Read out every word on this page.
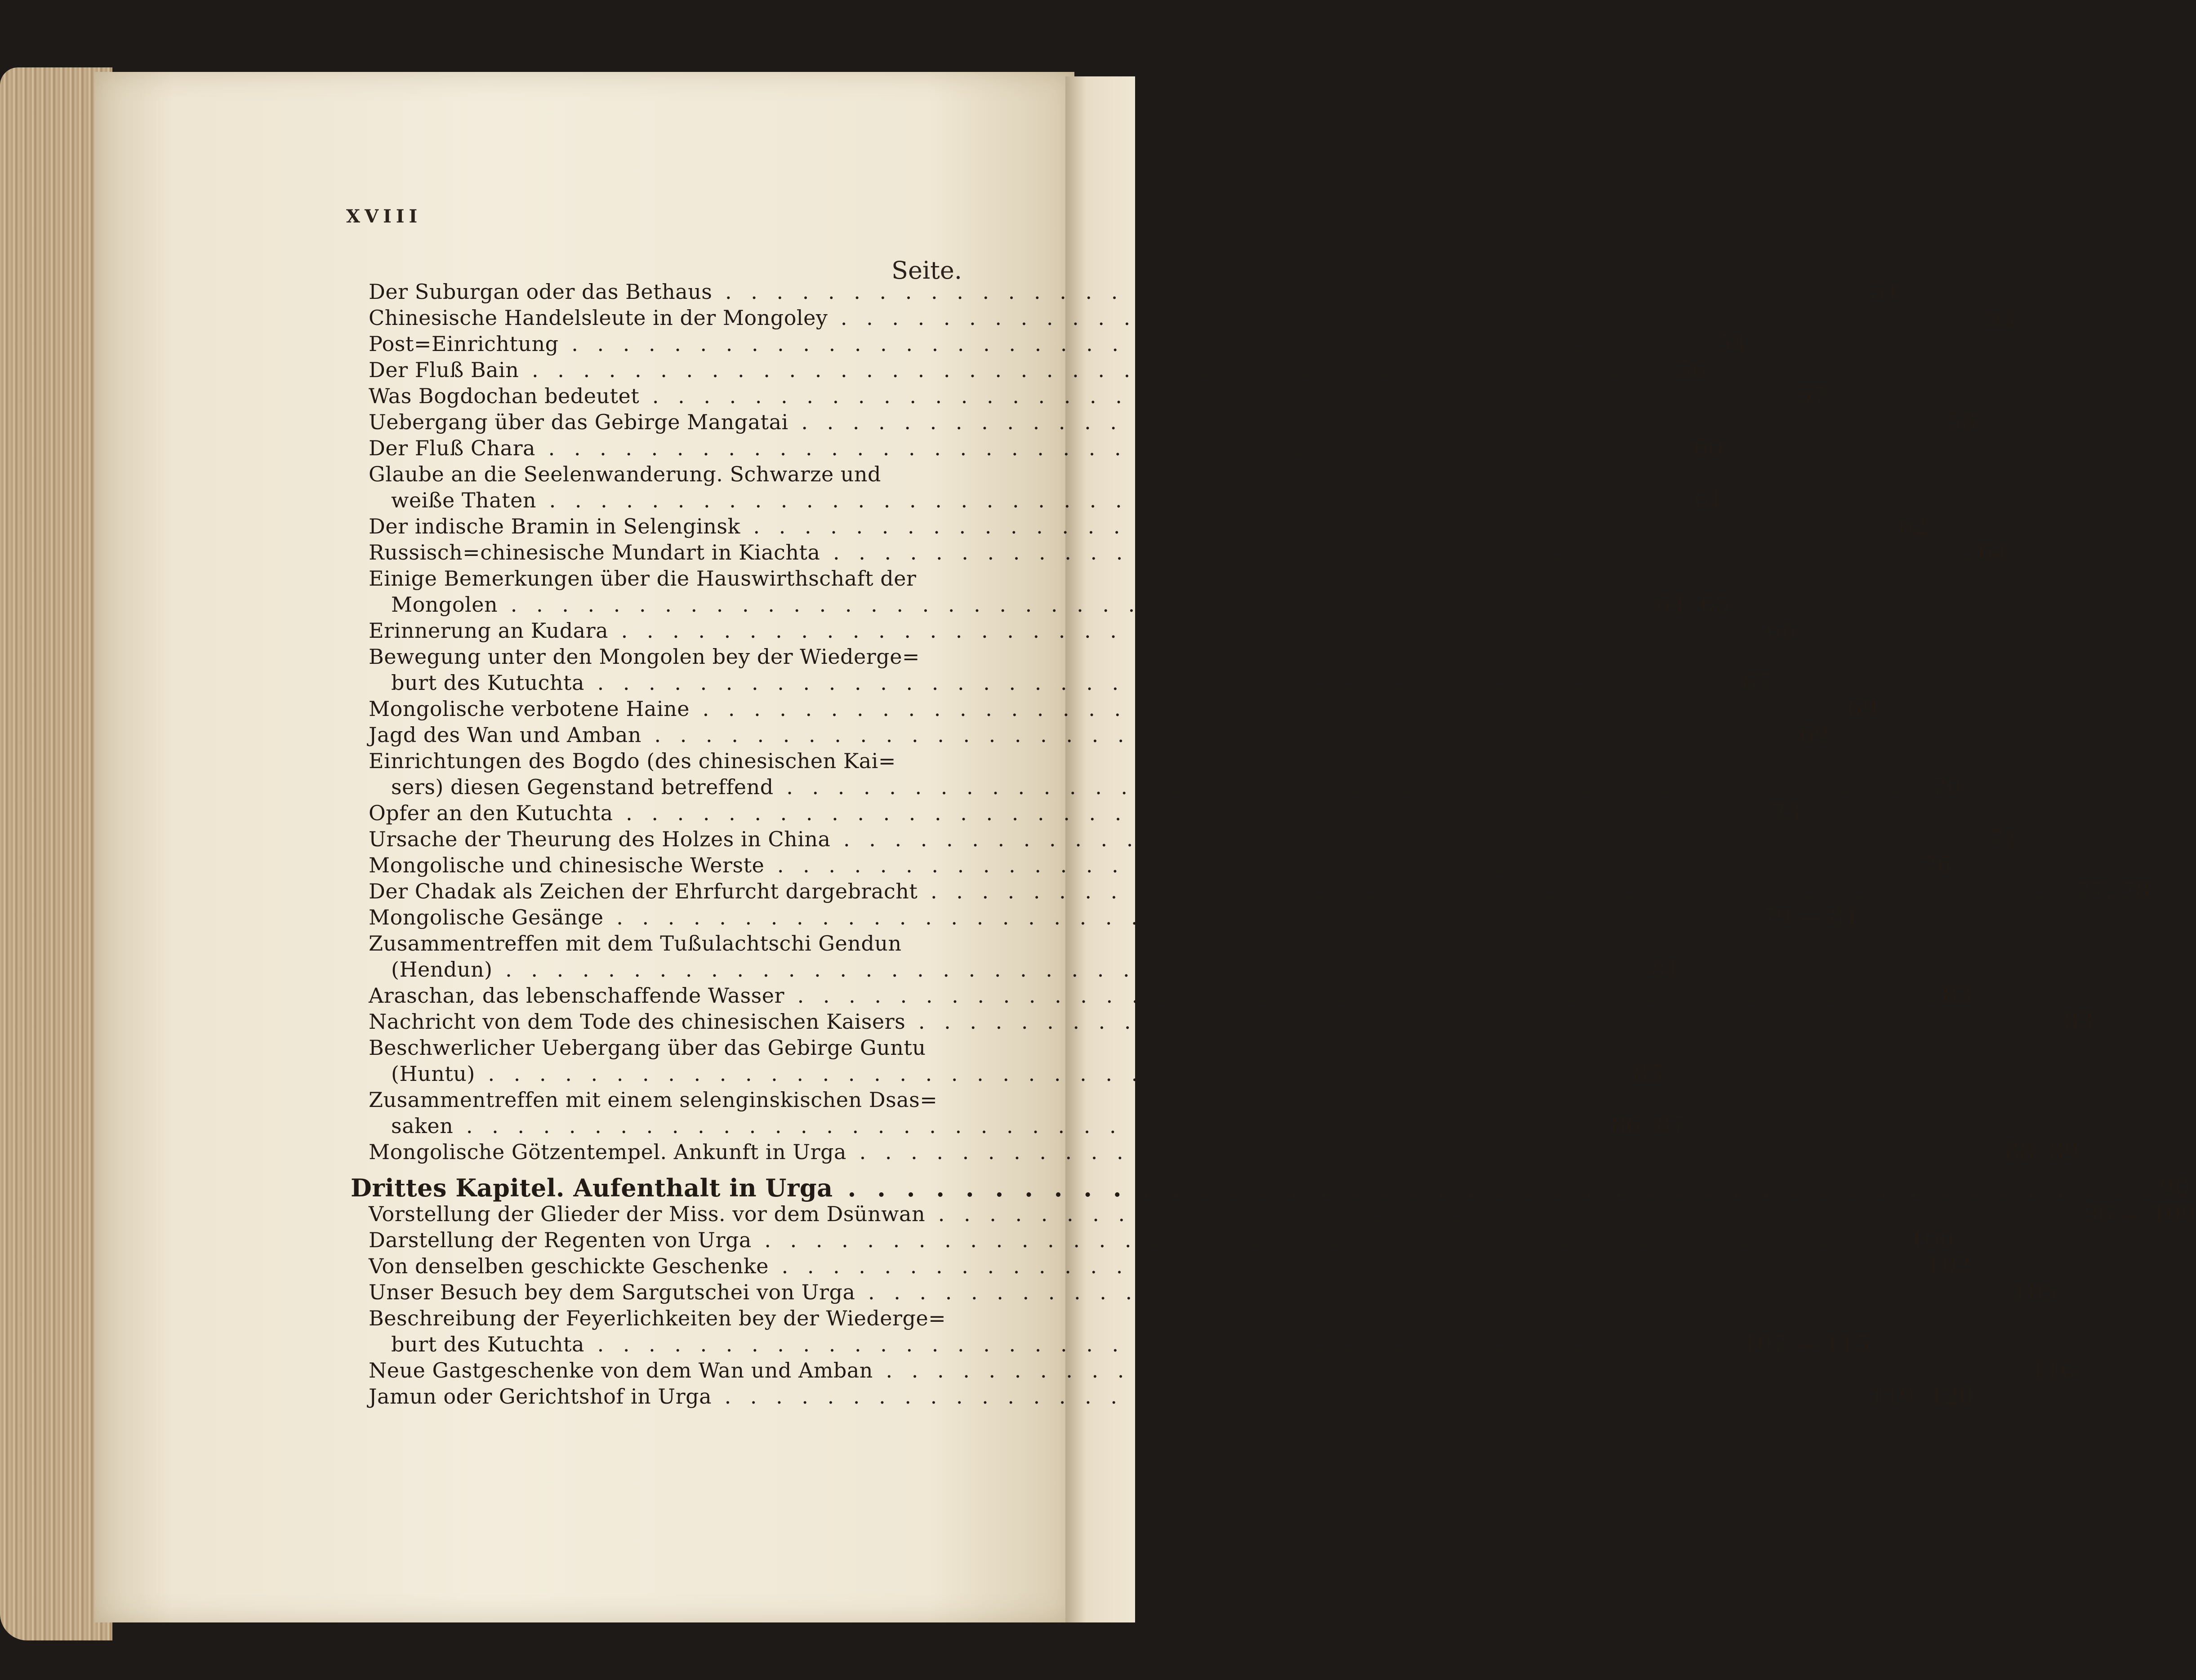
XVIII
Seite.
Der Suburgan oder das Bethaus . . .	51
Chinesische Handelsleute in der Mongoley . . .	53
Post=Einrichtung . . .	54
Der Fluß Bain . . .	56
Was Bogdochan bedeutet . . .	57
Uebergang über das Gebirge Mangatai . . .	58
Der Fluß Chara . . .	60
Glaube an die Seelenwanderung. Schwarze und
weiße Thaten . . .	61
Der indische Bramin in Selenginsk . . .	62
Russisch=chinesische Mundart in Kiachta . . .	64
Einige Bemerkungen über die Hauswirthschaft der
Mongolen . . .	64. 65
Erinnerung an Kudara . . .	66
Bewegung unter den Mongolen bey der Wiederge=
burt des Kutuchta . . .	67
Mongolische verbotene Haine . . .	69
Jagd des Wan und Amban . . .	69
Einrichtungen des Bogdo (des chinesischen Kai=
sers) diesen Gegenstand betreffend . . .	70
Opfer an den Kutuchta . . .	73
Ursache der Theurung des Holzes in China . . .	74
Mongolische und chinesische Werste . . .	76
Der Chadak als Zeichen der Ehrfurcht dargebracht . . .	77. 78
Mongolische Gesänge . . .	79 — 81
Zusammentreffen mit dem Tußulachtschi Gendun
(Hendun) . . .	81
Araschan, das lebenschaffende Wasser . . .	83
Nachricht von dem Tode des chinesischen Kaisers . . .	83
Beschwerlicher Uebergang über das Gebirge Guntu
(Huntu) . . .	85
Zusammentreffen mit einem selenginskischen Dsas=
saken . . .	86. 87
Mongolische Götzentempel. Ankunft in Urga . . .	88. 89
Drittes Kapitel. Aufenthalt in Urga . . .	90
Vorstellung der Glieder der Miss. vor dem Dsünwan . . .	96 — 100
Darstellung der Regenten von Urga . . .	100
Von denselben geschickte Geschenke . . .	102
Unser Besuch bey dem Sargutschei von Urga . . .	105
Beschreibung der Feyerlichkeiten bey der Wiederge=
burt des Kutuchta . . .	107 — 115
Neue Gastgeschenke von dem Wan und Amban . . .	116
Jamun oder Gerichtshof in Urga . . .	119. 120
